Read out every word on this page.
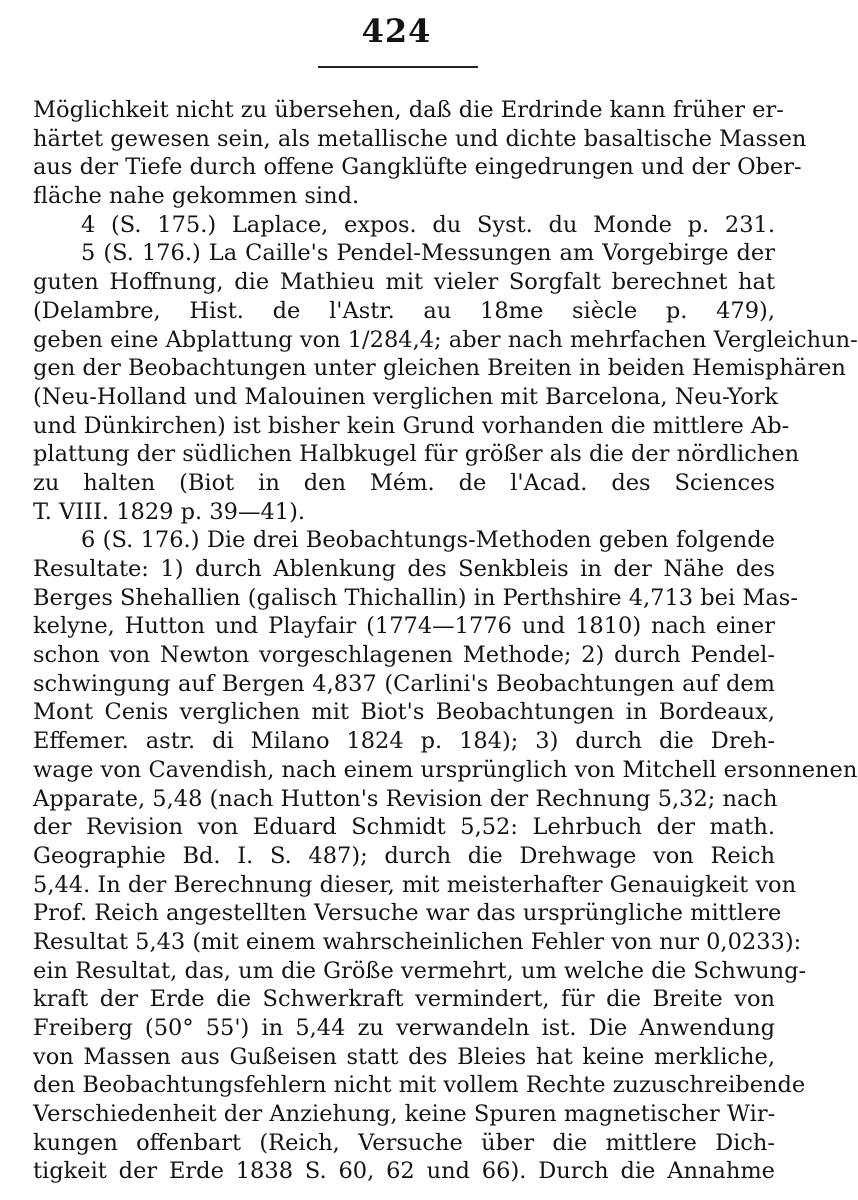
424
Möglichkeit nicht zu übersehen, daß die Erdrinde kann früher er-
härtet gewesen sein, als metallische und dichte basaltische Massen
aus der Tiefe durch offene Gangklüfte eingedrungen und der Ober-
fläche nahe gekommen sind.
4 (S. 175.) Laplace, expos. du Syst. du Monde p. 231.
5 (S. 176.) La Caille's Pendel-Messungen am Vorgebirge der
guten Hoffnung, die Mathieu mit vieler Sorgfalt berechnet hat
(Delambre, Hist. de l'Astr. au 18me siècle p. 479),
geben eine Abplattung von 1/284,4; aber nach mehrfachen Vergleichun-
gen der Beobachtungen unter gleichen Breiten in beiden Hemisphären
(Neu-Holland und Malouinen verglichen mit Barcelona, Neu-York
und Dünkirchen) ist bisher kein Grund vorhanden die mittlere Ab-
plattung der südlichen Halbkugel für größer als die der nördlichen
zu halten (Biot in den Mém. de l'Acad. des Sciences
T. VIII. 1829 p. 39—41).
6 (S. 176.) Die drei Beobachtungs-Methoden geben folgende
Resultate: 1) durch Ablenkung des Senkbleis in der Nähe des
Berges Shehallien (galisch Thichallin) in Perthshire 4,713 bei Mas-
kelyne, Hutton und Playfair (1774—1776 und 1810) nach einer
schon von Newton vorgeschlagenen Methode; 2) durch Pendel-
schwingung auf Bergen 4,837 (Carlini's Beobachtungen auf dem
Mont Cenis verglichen mit Biot's Beobachtungen in Bordeaux,
Effemer. astr. di Milano 1824 p. 184); 3) durch die Dreh-
wage von Cavendish, nach einem ursprünglich von Mitchell ersonnenen
Apparate, 5,48 (nach Hutton's Revision der Rechnung 5,32; nach
der Revision von Eduard Schmidt 5,52: Lehrbuch der math.
Geographie Bd. I. S. 487); durch die Drehwage von Reich
5,44. In der Berechnung dieser, mit meisterhafter Genauigkeit von
Prof. Reich angestellten Versuche war das ursprüngliche mittlere
Resultat 5,43 (mit einem wahrscheinlichen Fehler von nur 0,0233):
ein Resultat, das, um die Größe vermehrt, um welche die Schwung-
kraft der Erde die Schwerkraft vermindert, für die Breite von
Freiberg (50° 55') in 5,44 zu verwandeln ist. Die Anwendung
von Massen aus Gußeisen statt des Bleies hat keine merkliche,
den Beobachtungsfehlern nicht mit vollem Rechte zuzuschreibende
Verschiedenheit der Anziehung, keine Spuren magnetischer Wir-
kungen offenbart (Reich, Versuche über die mittlere Dich-
tigkeit der Erde 1838 S. 60, 62 und 66). Durch die Annahme
